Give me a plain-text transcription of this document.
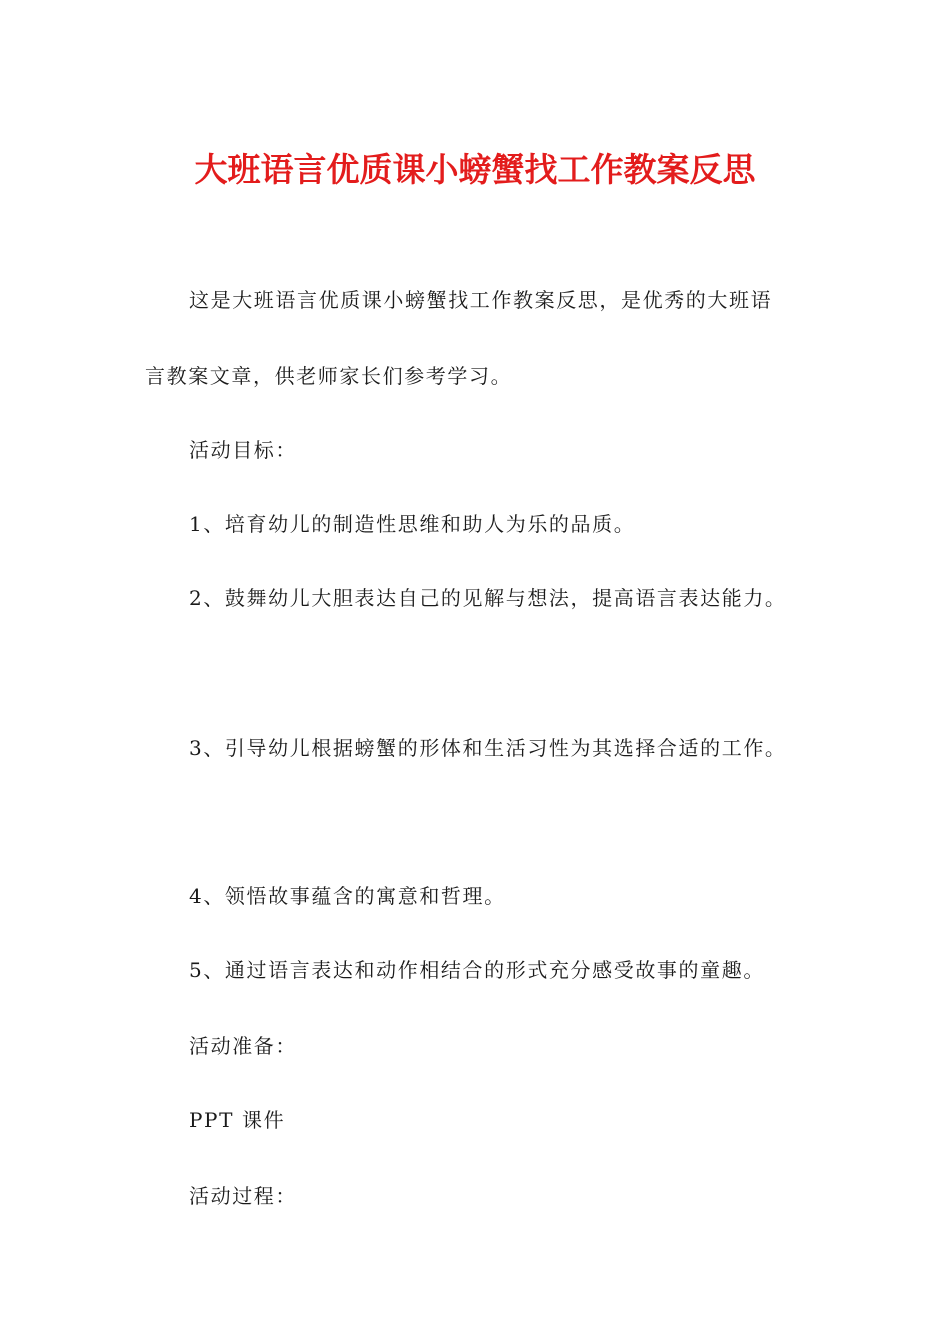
大班语言优质课小螃蟹找工作教案反思
这是大班语言优质课小螃蟹找工作教案反思，是优秀的大班语
言教案文章，供老师家长们参考学习。
活动目标：
1、培育幼儿的制造性思维和助人为乐的品质。
2、鼓舞幼儿大胆表达自己的见解与想法，提高语言表达能力。
3、引导幼儿根据螃蟹的形体和生活习性为其选择合适的工作。
4、领悟故事蕴含的寓意和哲理。
5、通过语言表达和动作相结合的形式充分感受故事的童趣。
活动准备：
PPT 课件
活动过程：
